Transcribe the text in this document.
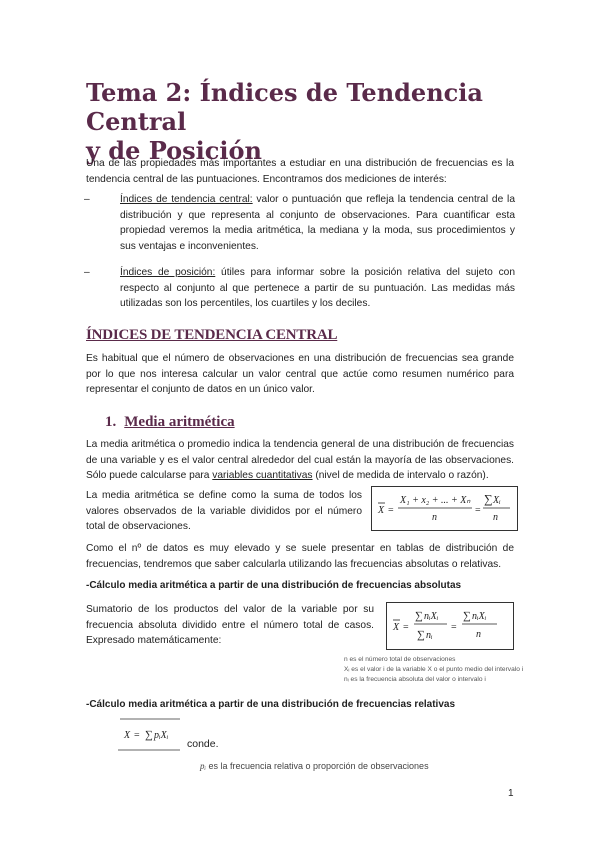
Tema 2: Índices de Tendencia Central
y de Posición

Una de las propiedades más importantes a estudiar en una distribución de frecuencias es la tendencia central de las puntuaciones. Encontramos dos mediciones de interés:

–	Índices de tendencia central: valor o puntuación que refleja la tendencia central de la distribución y que representa al conjunto de observaciones. Para cuantificar esta propiedad veremos la media aritmética, la mediana y la moda, sus procedimientos y sus ventajas e inconvenientes.
–	Índices de posición: útiles para informar sobre la posición relativa del sujeto con respecto al conjunto al que pertenece a partir de su puntuación. Las medidas más utilizadas son los percentiles, los cuartiles y los deciles.
ÍNDICES DE TENDENCIA CENTRAL

Es habitual que el número de observaciones en una distribución de frecuencias sea grande por lo que nos interesa calcular un valor central que actúe como resumen numérico para representar el conjunto de datos en un único valor.

1. Media aritmética

La media aritmética o promedio indica la tendencia general de una distribución de frecuencias de una variable y es el valor central alrededor del cual están la mayoría de las observaciones. Sólo puede calcularse para variables cuantitativas (nivel de medida de intervalo o razón).

La media aritmética se define como la suma de todos los valores observados de la variable divididos por el número total de observaciones.

X =
X₁ + x₂ + ... + Xₙ
n
=
∑ Xᵢ
n

Como el nº de datos es muy elevado y se suele presentar en tablas de distribución de frecuencias, tendremos que saber calcularla utilizando las frecuencias absolutas o relativas.

-Cálculo media aritmética a partir de una distribución de frecuencias absolutas

Sumatorio de los productos del valor de la variable por su frecuencia absoluta dividido entre el número total de casos. Expresado matemáticamente:

X =
∑ nᵢXᵢ
∑ nᵢ
=
∑ nᵢXᵢ
n
n es el número total de observaciones
Xᵢ es el valor i de la variable X o el punto medio del intervalo i
nᵢ es la frecuencia absoluta del valor o intervalo i

-Cálculo media aritmética a partir de una distribución de frecuencias relativas

X = ∑ pᵢXᵢ

conde.

pᵢ es la frecuencia relativa o proporción de observaciones

1
